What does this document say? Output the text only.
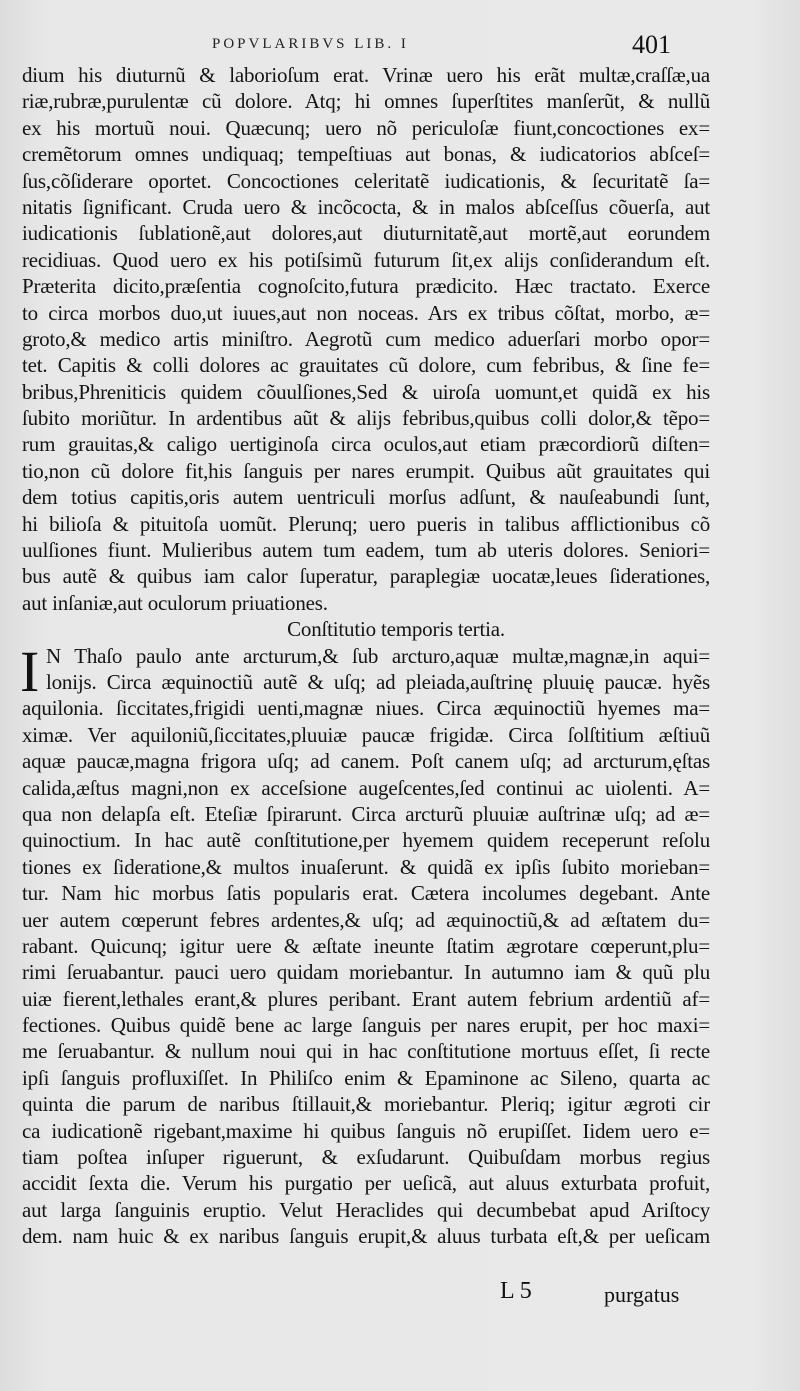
POPVLARIBVS LIB. I	401
dium his diuturnũ & laborioſum erat. Vrinæ uero his erãt multæ,craſſæ,ua
riæ,rubræ,purulentæ cũ dolore. Atq; hi omnes ſuperſtites manſerũt, & nullũ
ex his mortuũ noui. Quæcunq; uero nõ periculoſæ fiunt,concoctiones ex=
cremẽtorum omnes undiquaq; tempeſtiuas aut bonas, & iudicatorios abſceſ=
ſus,cõſiderare oportet. Concoctiones celeritatẽ iudicationis, & ſecuritatẽ ſa=
nitatis ſignificant. Cruda uero & incõcocta, & in malos abſceſſus cõuerſa, aut
iudicationis ſublationẽ,aut dolores,aut diuturnitatẽ,aut mortẽ,aut eorundem
recidiuas. Quod uero ex his potiſsimũ futurum ſit,ex alijs conſiderandum eſt.
Præterita dicito,præſentia cognoſcito,futura prædicito. Hæc tractato. Exerce
to circa morbos duo,ut iuues,aut non noceas. Ars ex tribus cõſtat, morbo, æ=
groto,& medico artis miniſtro. Aegrotũ cum medico aduerſari morbo opor=
tet. Capitis & colli dolores ac grauitates cũ dolore, cum febribus, & ſine fe=
bribus,Phreniticis quidem cõuulſiones,Sed & uiroſa uomunt,et quidã ex his
ſubito moriũtur. In ardentibus aũt & alijs febribus,quibus colli dolor,& tẽpo=
rum grauitas,& caligo uertiginoſa circa oculos,aut etiam præcordiorũ diſten=
tio,non cũ dolore fit,his ſanguis per nares erumpit. Quibus aũt grauitates qui
dem totius capitis,oris autem uentriculi morſus adſunt, & nauſeabundi ſunt,
hi bilioſa & pituitoſa uomũt. Plerunq; uero pueris in talibus afflictionibus cõ
uulſiones fiunt. Mulieribus autem tum eadem, tum ab uteris dolores. Seniori=
bus autẽ & quibus iam calor ſuperatur, paraplegiæ uocatæ,leues ſiderationes,
aut inſaniæ,aut oculorum priuationes.
Conſtitutio temporis tertia.
I N Thaſo paulo ante arcturum,& ſub arcturo,aquæ multæ,magnæ,in aqui=
lonijs. Circa æquinoctiũ autẽ & uſq; ad pleiada,auſtrinę pluuię paucæ. hyẽs
aquilonia. ſiccitates,frigidi uenti,magnæ niues. Circa æquinoctiũ hyemes ma=
ximæ. Ver aquiloniũ,ſiccitates,pluuiæ paucæ frigidæ. Circa ſolſtitium æſtiuũ
aquæ paucæ,magna frigora uſq; ad canem. Poſt canem uſq; ad arcturum,ęſtas
calida,æſtus magni,non ex acceſsione augeſcentes,ſed continui ac uiolenti. A=
qua non delapſa eſt. Eteſiæ ſpirarunt. Circa arcturũ pluuiæ auſtrinæ uſq; ad æ=
quinoctium. In hac autẽ conſtitutione,per hyemem quidem receperunt reſolu
tiones ex ſideratione,& multos inuaſerunt. & quidã ex ipſis ſubito morieban=
tur. Nam hic morbus ſatis popularis erat. Cætera incolumes degebant. Ante
uer autem cœperunt febres ardentes,& uſq; ad æquinoctiũ,& ad æſtatem du=
rabant. Quicunq; igitur uere & æſtate ineunte ſtatim ægrotare cœperunt,plu=
rimi ſeruabantur. pauci uero quidam moriebantur. In autumno iam & quũ plu
uiæ fierent,lethales erant,& plures peribant. Erant autem febrium ardentiũ af=
fectiones. Quibus quidẽ bene ac large ſanguis per nares erupit, per hoc maxi=
me ſeruabantur. & nullum noui qui in hac conſtitutione mortuus eſſet, ſi recte
ipſi ſanguis profluxiſſet. In Philiſco enim & Epaminone ac Sileno, quarta ac
quinta die parum de naribus ſtillauit,& moriebantur. Pleriq; igitur ægroti cir
ca iudicationẽ rigebant,maxime hi quibus ſanguis nõ erupiſſet. Iidem uero e=
tiam poſtea inſuper riguerunt, & exſudarunt. Quibuſdam morbus regius
accidit ſexta die. Verum his purgatio per ueſicã, aut aluus exturbata profuit,
aut larga ſanguinis eruptio. Velut Heraclides qui decumbebat apud Ariſtocy
dem. nam huic & ex naribus ſanguis erupit,& aluus turbata eſt,& per ueſicam
L 5	purgatus
